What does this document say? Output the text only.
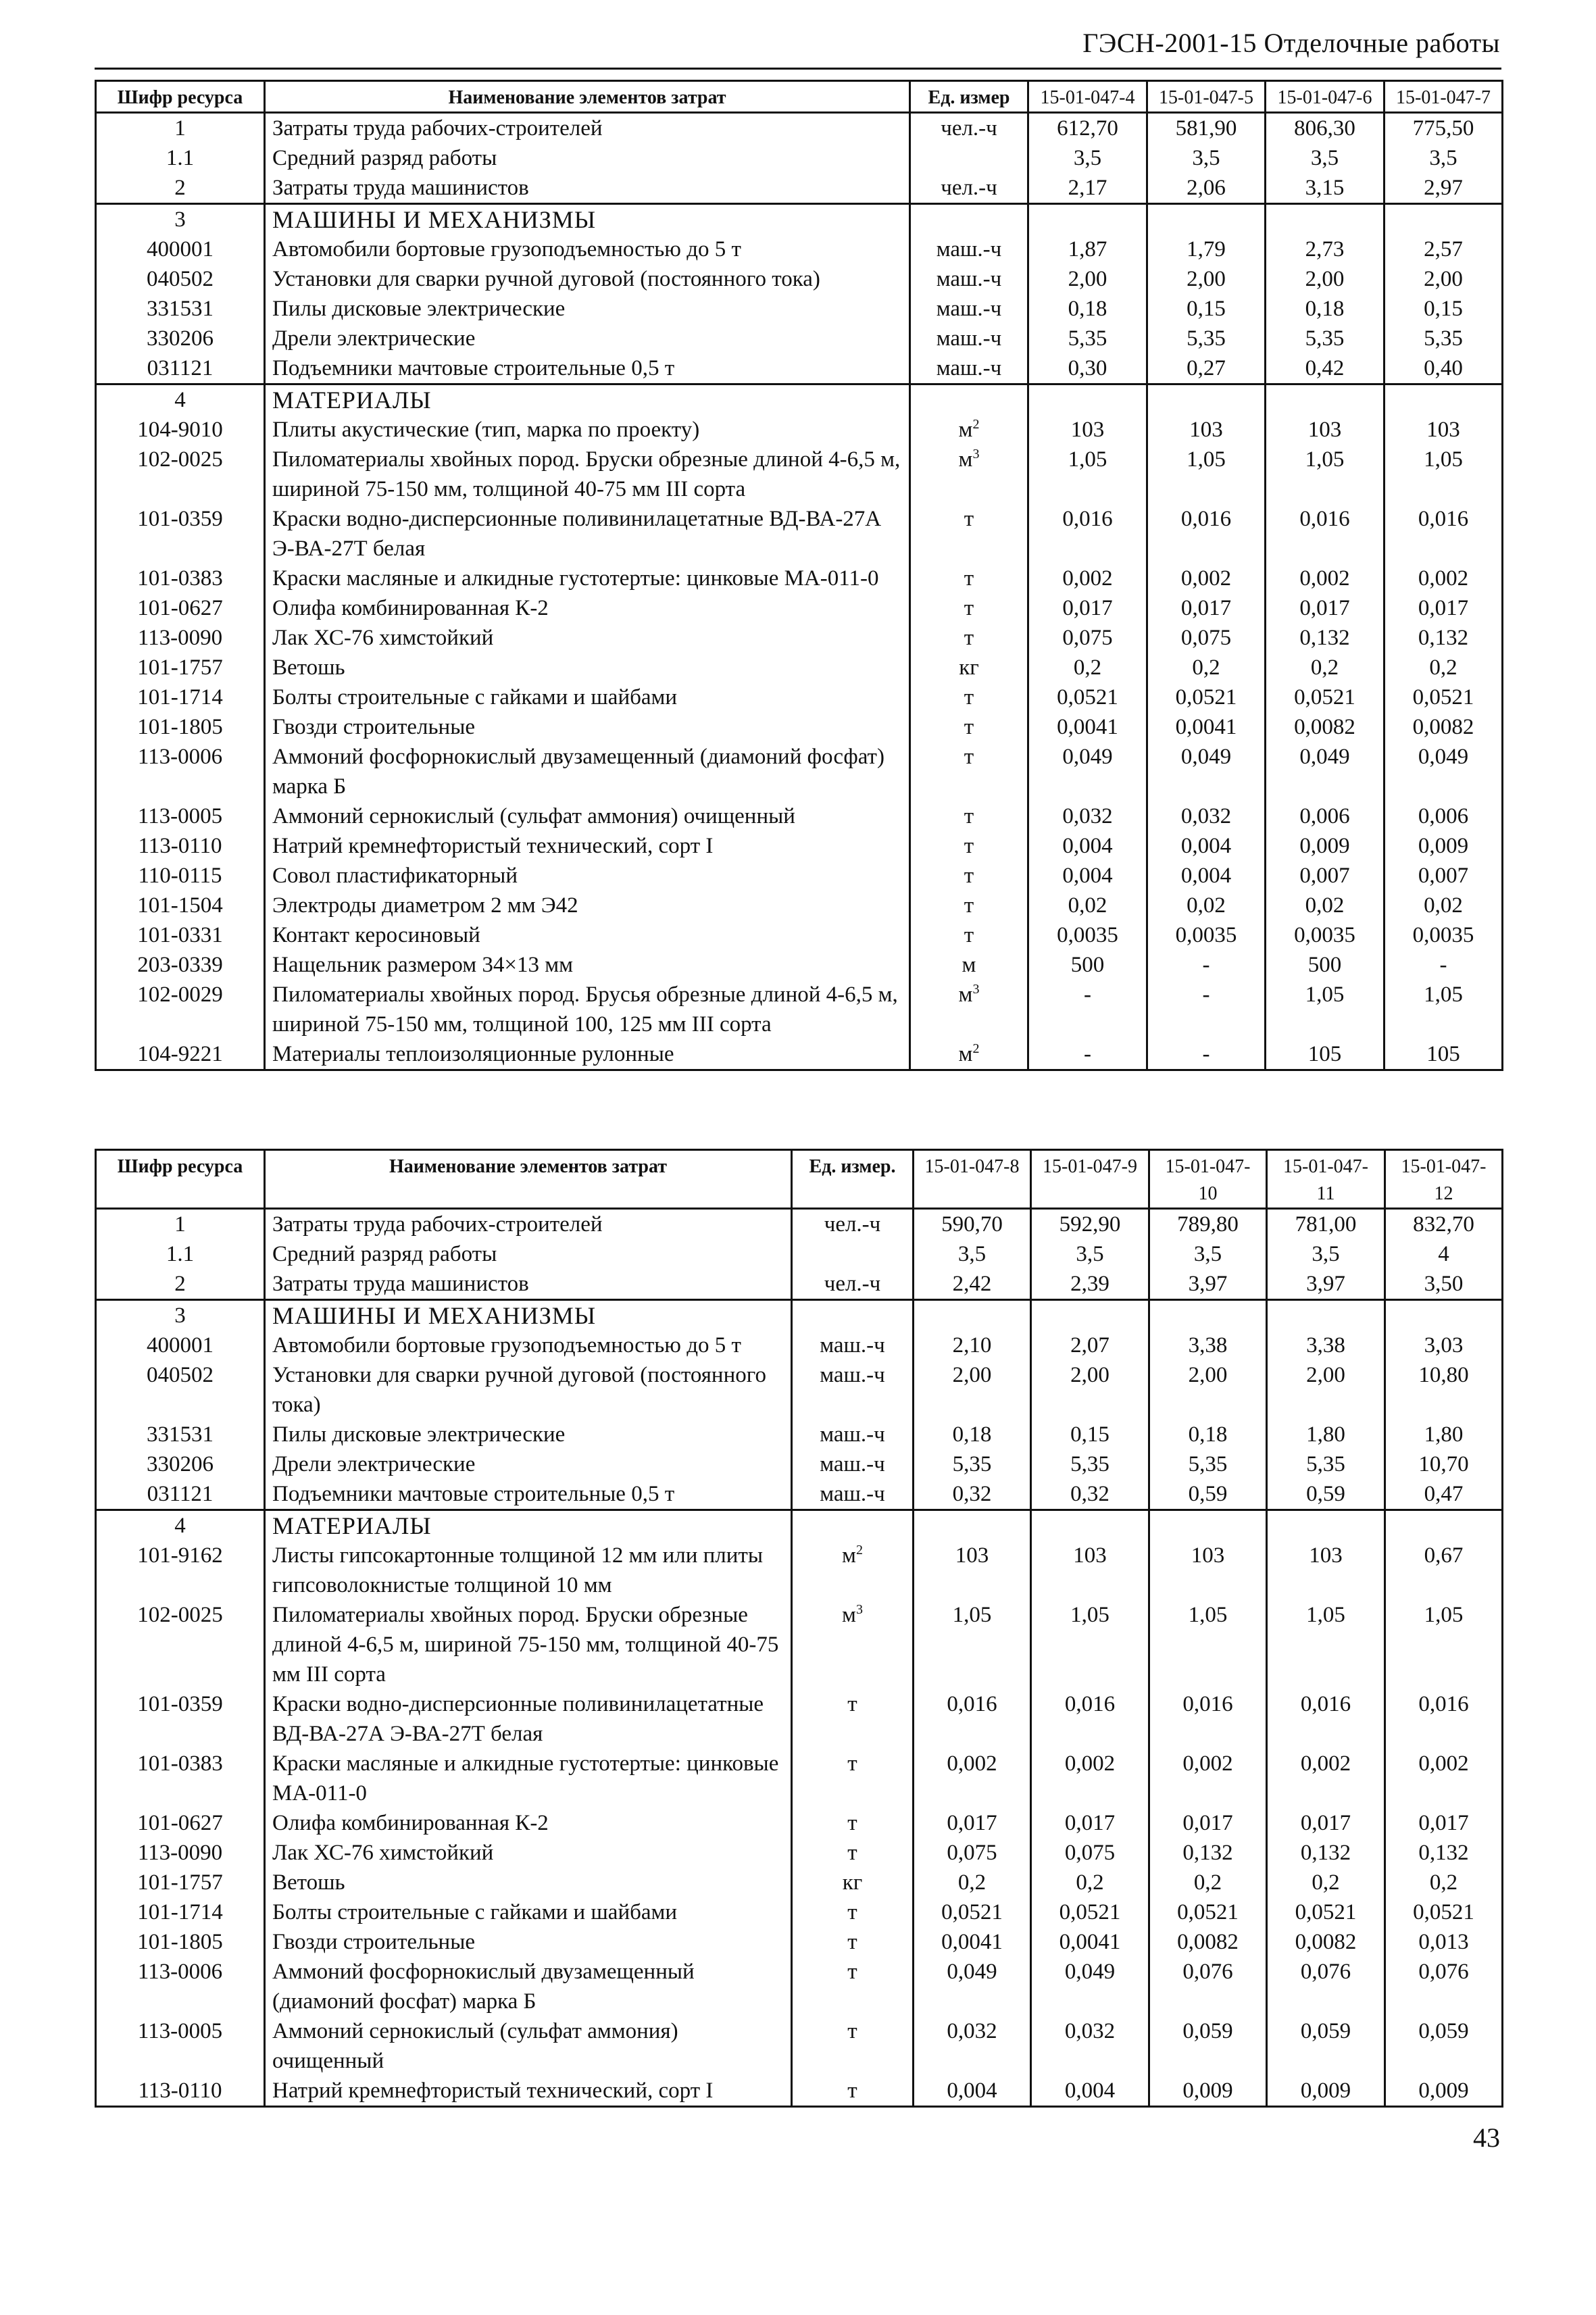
ГЭСН-2001-15 Отделочные работы
Шифр ресурса	Наименование элементов затрат	Ед. измер	15-01-047-4	15-01-047-5	15-01-047-6	15-01-047-7
1	Затраты труда рабочих-строителей	чел.-ч	612,70	581,90	806,30	775,50
1.1	Средний разряд работы		3,5	3,5	3,5	3,5
2	Затраты труда машинистов	чел.-ч	2,17	2,06	3,15	2,97
3	МАШИНЫ И МЕХАНИЗМЫ					
400001	Автомобили бортовые грузоподъемностью до 5 т	маш.-ч	1,87	1,79	2,73	2,57
040502	Установки для сварки ручной дуговой (постоянного тока)	маш.-ч	2,00	2,00	2,00	2,00
331531	Пилы дисковые электрические	маш.-ч	0,18	0,15	0,18	0,15
330206	Дрели электрические	маш.-ч	5,35	5,35	5,35	5,35
031121	Подъемники мачтовые строительные 0,5 т	маш.-ч	0,30	0,27	0,42	0,40
4	МАТЕРИАЛЫ					
104-9010	Плиты акустические (тип, марка по проекту)	$м^2$	103	103	103	103
102-0025	Пиломатериалы хвойных пород. Бруски обрезные длиной 4-6,5 м, шириной 75-150 мм, толщиной 40-75 мм III сорта	$м^3$	1,05	1,05	1,05	1,05
101-0359	Краски водно-дисперсионные поливинилацетатные ВД-ВА-27А Э-ВА-27Т белая	т	0,016	0,016	0,016	0,016
101-0383	Краски масляные и алкидные густотертые: цинковые МА-011-0	т	0,002	0,002	0,002	0,002
101-0627	Олифа комбинированная К-2	т	0,017	0,017	0,017	0,017
113-0090	Лак ХС-76 химстойкий	т	0,075	0,075	0,132	0,132
101-1757	Ветошь	кг	0,2	0,2	0,2	0,2
101-1714	Болты строительные с гайками и шайбами	т	0,0521	0,0521	0,0521	0,0521
101-1805	Гвозди строительные	т	0,0041	0,0041	0,0082	0,0082
113-0006	Аммоний фосфорнокислый двузамещенный (диамоний фосфат) марка Б	т	0,049	0,049	0,049	0,049
113-0005	Аммоний сернокислый (сульфат аммония) очищенный	т	0,032	0,032	0,006	0,006
113-0110	Натрий кремнефтористый технический, сорт I	т	0,004	0,004	0,009	0,009
110-0115	Совол пластификаторный	т	0,004	0,004	0,007	0,007
101-1504	Электроды диаметром 2 мм Э42	т	0,02	0,02	0,02	0,02
101-0331	Контакт керосиновый	т	0,0035	0,0035	0,0035	0,0035
203-0339	Нащельник размером 34×13 мм	м	500	-	500	-
102-0029	Пиломатериалы хвойных пород. Брусья обрезные длиной 4-6,5 м, шириной 75-150 мм, толщиной 100, 125 мм III сорта	$м^3$	-	-	1,05	1,05
104-9221	Материалы теплоизоляционные рулонные	$м^2$	-	-	105	105
Шифр ресурса	Наименование элементов затрат	Ед. измер.	15-01-047-8	15-01-047-9	15-01-047-10	15-01-047-11	15-01-047-12
1	Затраты труда рабочих-строителей	чел.-ч	590,70	592,90	789,80	781,00	832,70
1.1	Средний разряд работы		3,5	3,5	3,5	3,5	4
2	Затраты труда машинистов	чел.-ч	2,42	2,39	3,97	3,97	3,50
3	МАШИНЫ И МЕХАНИЗМЫ						
400001	Автомобили бортовые грузоподъемностью до 5 т	маш.-ч	2,10	2,07	3,38	3,38	3,03
040502	Установки для сварки ручной дуговой (постоянного тока)	маш.-ч	2,00	2,00	2,00	2,00	10,80
331531	Пилы дисковые электрические	маш.-ч	0,18	0,15	0,18	1,80	1,80
330206	Дрели электрические	маш.-ч	5,35	5,35	5,35	5,35	10,70
031121	Подъемники мачтовые строительные 0,5 т	маш.-ч	0,32	0,32	0,59	0,59	0,47
4	МАТЕРИАЛЫ						
101-9162	Листы гипсокартонные толщиной 12 мм или плиты гипсоволокнистые толщиной 10 мм	$м^2$	103	103	103	103	0,67
102-0025	Пиломатериалы хвойных пород. Бруски обрезные длиной 4-6,5 м, шириной 75-150 мм, толщиной 40-75 мм III сорта	$м^3$	1,05	1,05	1,05	1,05	1,05
101-0359	Краски водно-дисперсионные поливинилацетатные ВД-ВА-27А Э-ВА-27Т белая	т	0,016	0,016	0,016	0,016	0,016
101-0383	Краски масляные и алкидные густотертые: цинковые МА-011-0	т	0,002	0,002	0,002	0,002	0,002
101-0627	Олифа комбинированная К-2	т	0,017	0,017	0,017	0,017	0,017
113-0090	Лак ХС-76 химстойкий	т	0,075	0,075	0,132	0,132	0,132
101-1757	Ветошь	кг	0,2	0,2	0,2	0,2	0,2
101-1714	Болты строительные с гайками и шайбами	т	0,0521	0,0521	0,0521	0,0521	0,0521
101-1805	Гвозди строительные	т	0,0041	0,0041	0,0082	0,0082	0,013
113-0006	Аммоний фосфорнокислый двузамещенный (диамоний фосфат) марка Б	т	0,049	0,049	0,076	0,076	0,076
113-0005	Аммоний сернокислый (сульфат аммония) очищенный	т	0,032	0,032	0,059	0,059	0,059
113-0110	Натрий кремнефтористый технический, сорт I	т	0,004	0,004	0,009	0,009	0,009
43
